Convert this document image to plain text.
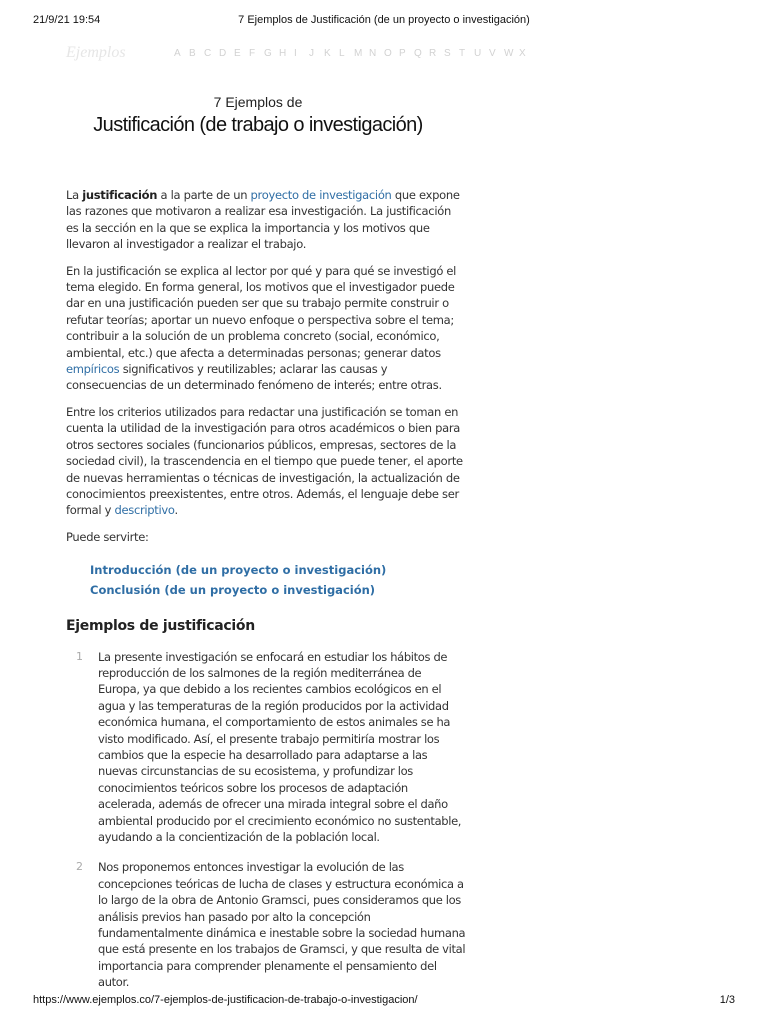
21/9/21 19:54	7 Ejemplos de Justificación (de un proyecto o investigación)
Ejemplos	A B C D E F G H I J K L M N O P Q R S T U V W X
7 Ejemplos de
Justificación (de trabajo o investigación)

La justificación a la parte de un proyecto de investigación que expone las razones que motivaron a realizar esa investigación. La justificación es la sección en la que se explica la importancia y los motivos que llevaron al investigador a realizar el trabajo.

En la justificación se explica al lector por qué y para qué se investigó el tema elegido. En forma general, los motivos que el investigador puede dar en una justificación pueden ser que su trabajo permite construir o refutar teorías; aportar un nuevo enfoque o perspectiva sobre el tema; contribuir a la solución de un problema concreto (social, económico, ambiental, etc.) que afecta a determinadas personas; generar datos empíricos significativos y reutilizables; aclarar las causas y consecuencias de un determinado fenómeno de interés; entre otras.

Entre los criterios utilizados para redactar una justificación se toman en cuenta la utilidad de la investigación para otros académicos o bien para otros sectores sociales (funcionarios públicos, empresas, sectores de la sociedad civil), la trascendencia en el tiempo que puede tener, el aporte de nuevas herramientas o técnicas de investigación, la actualización de conocimientos preexistentes, entre otros. Además, el lenguaje debe ser formal y descriptivo.

Puede servirte:

Introducción (de un proyecto o investigación)
Conclusión (de un proyecto o investigación)
Ejemplos de justificación
1 La presente investigación se enfocará en estudiar los hábitos de reproducción de los salmones de la región mediterránea de Europa, ya que debido a los recientes cambios ecológicos en el agua y las temperaturas de la región producidos por la actividad económica humana, el comportamiento de estos animales se ha visto modificado. Así, el presente trabajo permitiría mostrar los cambios que la especie ha desarrollado para adaptarse a las nuevas circunstancias de su ecosistema, y profundizar los conocimientos teóricos sobre los procesos de adaptación acelerada, además de ofrecer una mirada integral sobre el daño ambiental producido por el crecimiento económico no sustentable, ayudando a la concientización de la población local.
2 Nos proponemos entonces investigar la evolución de las concepciones teóricas de lucha de clases y estructura económica a lo largo de la obra de Antonio Gramsci, pues consideramos que los análisis previos han pasado por alto la concepción fundamentalmente dinámica e inestable sobre la sociedad humana que está presente en los trabajos de Gramsci, y que resulta de vital importancia para comprender plenamente el pensamiento del autor.
https://www.ejemplos.co/7-ejemplos-de-justificacion-de-trabajo-o-investigacion/	1/3
